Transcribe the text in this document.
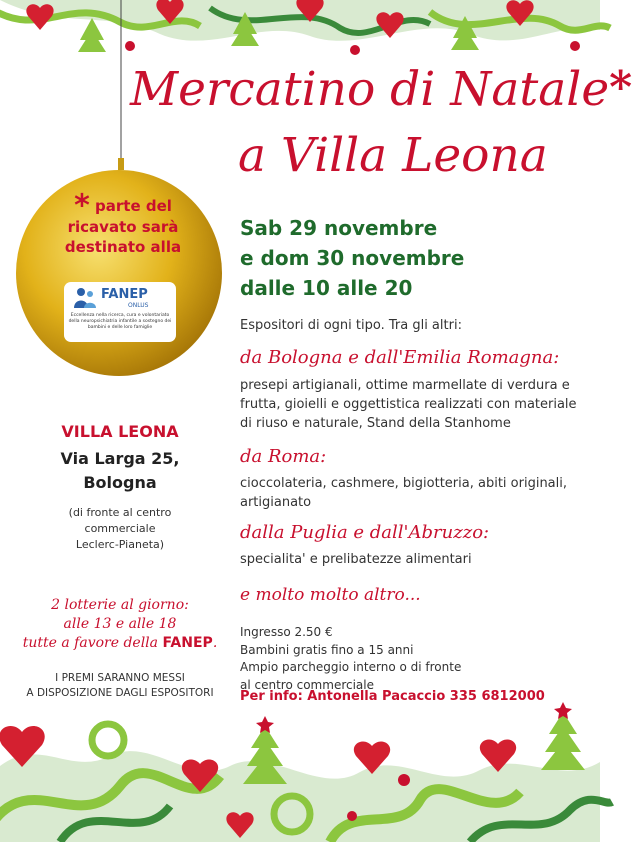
* parte del ricavato sarà destinato alla
FANEP
ONLUS
Eccellenza nella ricerca, cura e volontariato della neuropsichiatria infantile a sostegno dei bambini e delle loro famiglie
Mercatino di Natale*
a Villa Leona
Sab 29 novembre
e dom 30 novembre
dalle 10 alle 20
Espositori di ogni tipo. Tra gli altri:
da Bologna e dall'Emilia Romagna:
presepi artigianali, ottime marmellate di verdura e frutta, gioielli e oggettistica realizzati con materiale di riuso e naturale, Stand della Stanhome
da Roma:
cioccolateria, cashmere, bigiotteria, abiti originali, artigianato
dalla Puglia e dall'Abruzzo:
specialita' e prelibatezze alimentari
e molto molto altro...
Ingresso 2.50 €
Bambini gratis fino a 15 anni
Ampio parcheggio interno o di fronte
al centro commerciale
Per info: Antonella Pacaccio 335 6812000
VILLA LEONA
Via Larga 25,
Bologna
(di fronte al centro
commerciale
Leclerc-Pianeta)
2 lotterie al giorno:
alle 13 e alle 18
tutte a favore della FANEP.
I PREMI SARANNO MESSI
A DISPOSIZIONE DAGLI ESPOSITORI
